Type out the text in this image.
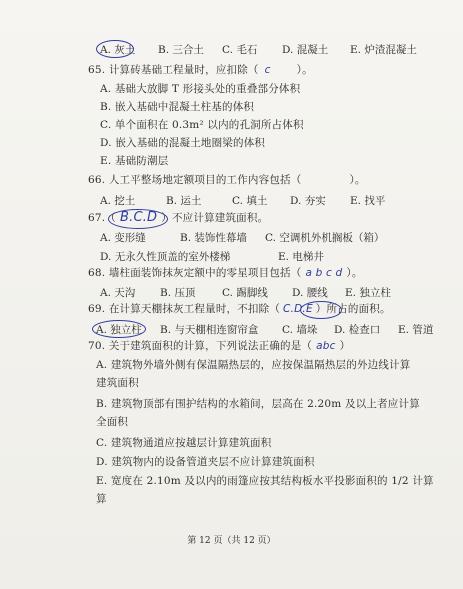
A. 灰土 B. 三合土 C. 毛石 D. 混凝土 E. 炉渣混凝土
65. 计算砖基础工程量时，应扣除（ c ）。
A. 基础大放脚 T 形接头处的重叠部分体积
B. 嵌入基础中混凝土柱基的体积
C. 单个面积在 0.3m² 以内的孔洞所占体积
D. 嵌入基础的混凝土地圈梁的体积
E. 基础防潮层
66. 人工平整场地定额项目的工作内容包括（	）。
A. 挖土	B. 运土	C. 填土 D. 夯实 E. 找平
67.（ B.C.D ）不应计算建筑面积。
A. 变形缝	B. 装饰性幕墙 C. 空调机外机搁板（箱）
D. 无永久性顶盖的室外楼梯	E. 电梯井
68. 墙柱面装饰抹灰定额中的零星项目包括（ a b c d ）。
A. 天沟 B. 压顶	C. 踢脚线 D. 腰线 E. 独立柱
69. 在计算天棚抹灰工程量时，不扣除（ C.D.E ）所占的面积。
A. 独立柱 B. 与天棚相连窗帘盒 C. 墙垛 D. 检查口 E. 管道
70. 关于建筑面积的计算，下列说法正确的是（ abc ）
A. 建筑物外墙外侧有保温隔热层的，应按保温隔热层的外边线计算
建筑面积
B. 建筑物顶部有围护结构的水箱间，层高在 2.20m 及以上者应计算
全面积
C. 建筑物通道应按越层计算建筑面积
D. 建筑物内的设备管道夹层不应计算建筑面积
E. 宽度在 2.10m 及以内的雨篷应按其结构板水平投影面积的 1/2 计算
算
第 12 页（共 12 页）
